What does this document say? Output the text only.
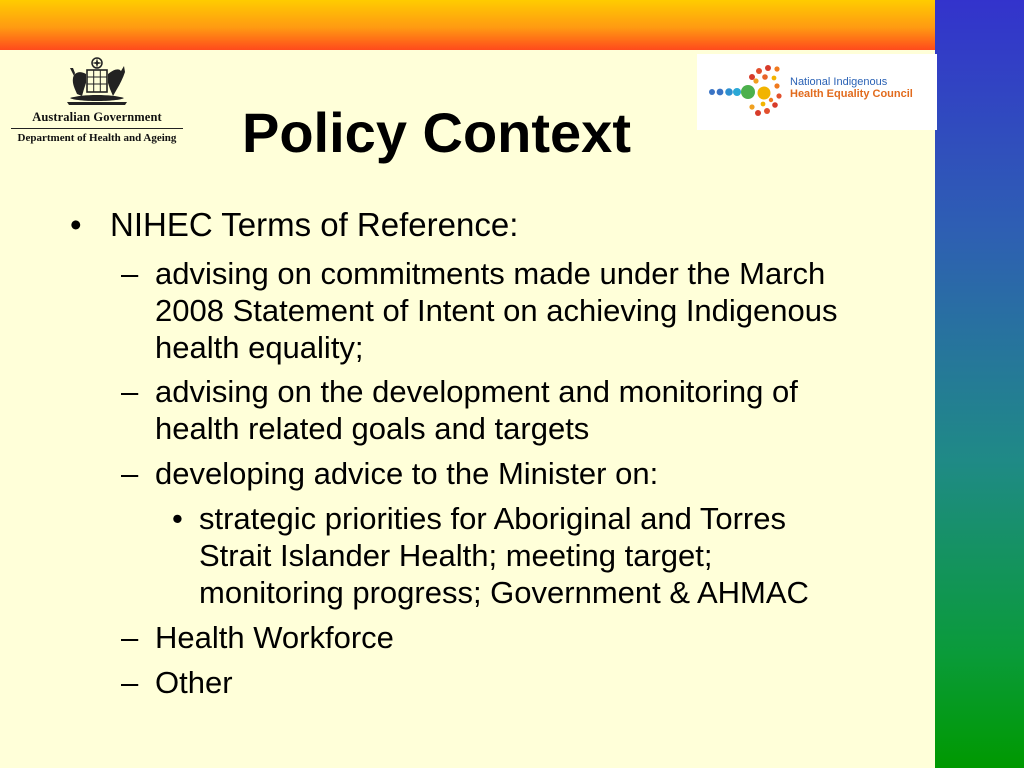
Australian Government
Department of Health and Ageing
National Indigenous
Health Equality Council
Policy Context
• NIHEC Terms of Reference:
– advising on commitments made under the March
2008 Statement of Intent on achieving Indigenous
health equality;
– advising on the development and monitoring of
health related goals and targets
– developing advice to the Minister on:
• strategic priorities for Aboriginal and Torres
Strait Islander Health; meeting target;
monitoring progress; Government & AHMAC
– Health Workforce
– Other
